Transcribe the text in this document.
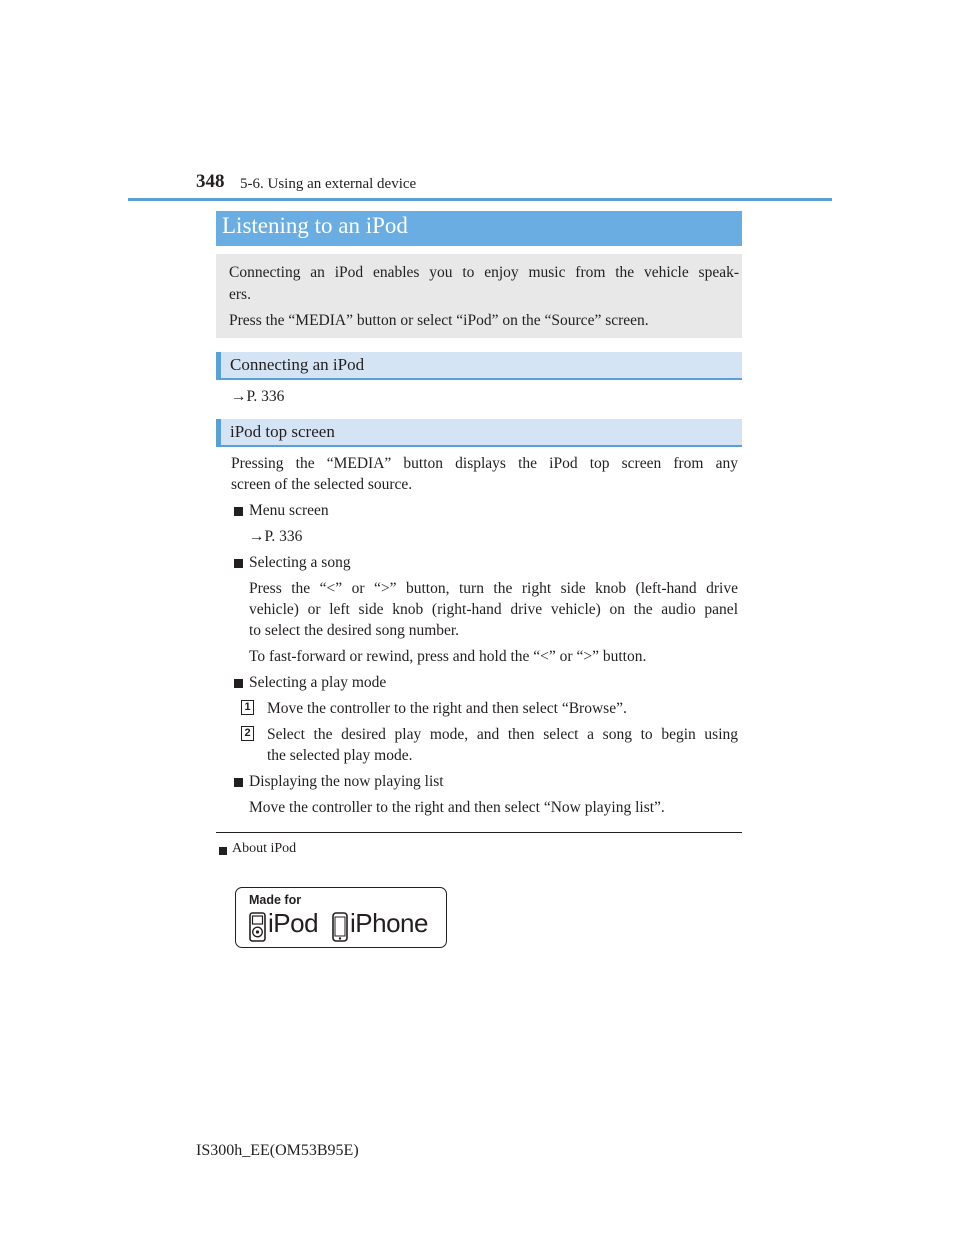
348 5-6. Using an external device
Listening to an iPod
Connecting an iPod enables you to enjoy music from the vehicle speak-
ers.
Press the “MEDIA” button or select “iPod” on the “Source” screen.
Connecting an iPod
→P. 336
iPod top screen
Pressing the “MEDIA” button displays the iPod top screen from any
screen of the selected source.
Menu screen
→P. 336
Selecting a song
Press the “<” or “>” button, turn the right side knob (left-hand drive
vehicle) or left side knob (right-hand drive vehicle) on the audio panel
to select the desired song number.
To fast-forward or rewind, press and hold the “<” or “>” button.
Selecting a play mode
1 Move the controller to the right and then select “Browse”.
2 Select the desired play mode, and then select a song to begin using
the selected play mode.
Displaying the now playing list
Move the controller to the right and then select “Now playing list”.
About iPod
Made for
iPod iPhone
IS300h_EE(OM53B95E)
